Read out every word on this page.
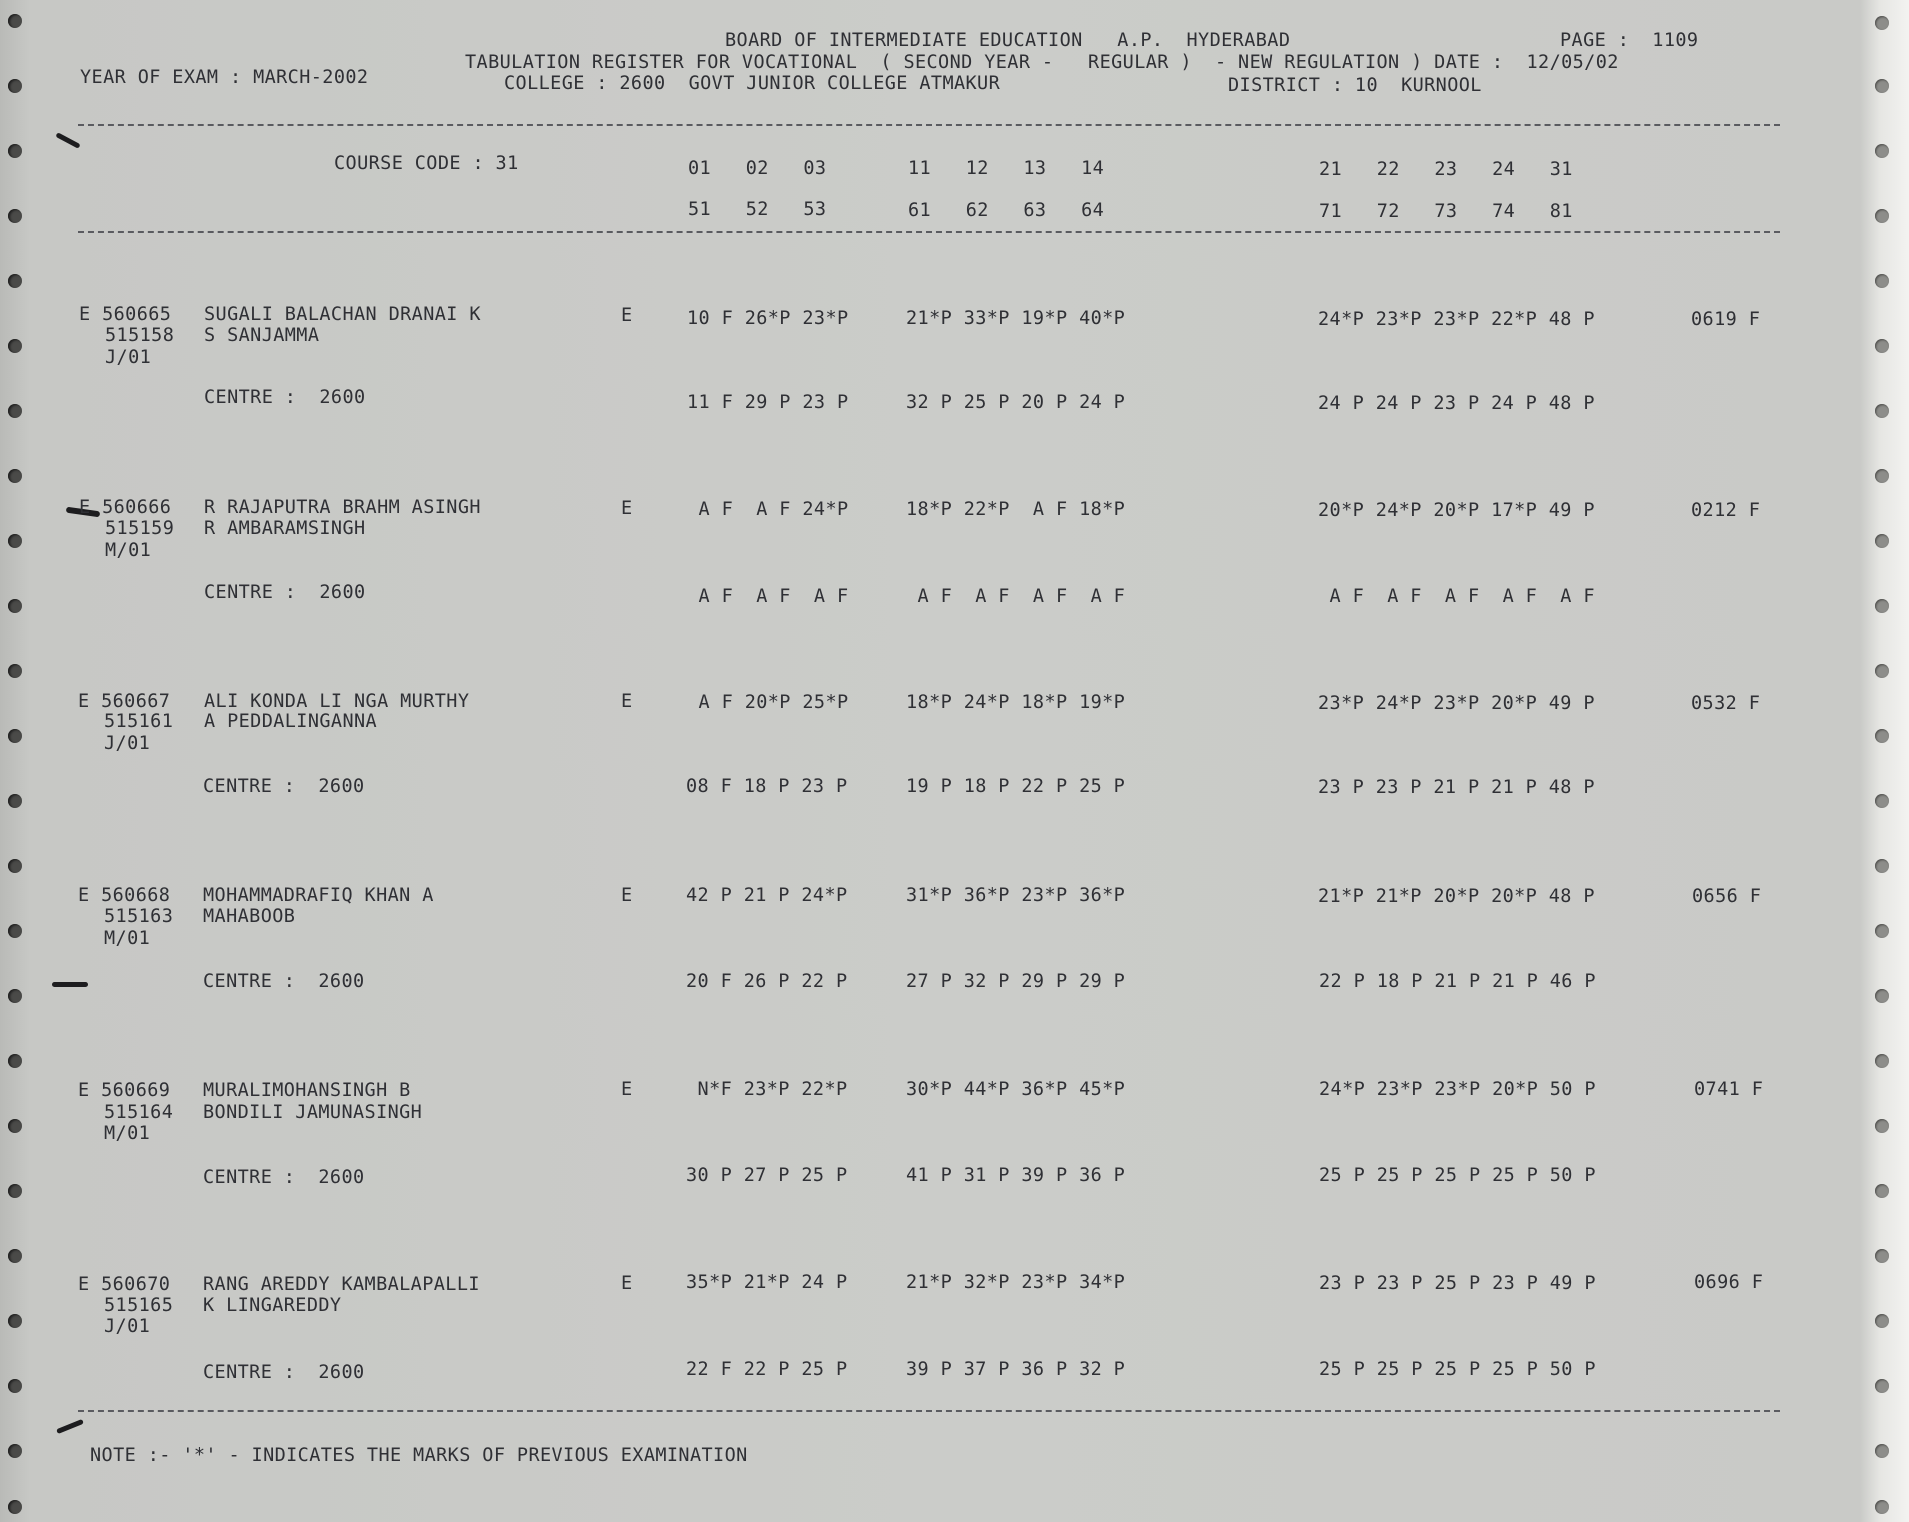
BOARD OF INTERMEDIATE EDUCATION   A.P.  HYDERABAD	PAGE :  1109
TABULATION REGISTER FOR VOCATIONAL  ( SECOND YEAR -   REGULAR )  - NEW REGULATION ) DATE :  12/05/02
YEAR OF EXAM : MARCH-2002	COLLEGE : 2600  GOVT JUNIOR COLLEGE ATMAKUR	DISTRICT : 10  KURNOOL
COURSE CODE : 31	01   02   03	11   12   13   14	21   22   23   24   31
51   52   53	61   62   63   64	71   72   73   74   81
E 560665 SUGALI BALACHAN DRANAI K	E	10 F 26*P 23*P	21*P 33*P 19*P 40*P	24*P 23*P 23*P 22*P 48 P	0619 F
515158 S SANJAMMA
J/01
CENTRE :  2600	11 F 29 P 23 P	32 P 25 P 20 P 24 P	24 P 24 P 23 P 24 P 48 P
E 560666 R RAJAPUTRA BRAHM ASINGH	E	A F  A F 24*P	18*P 22*P  A F 18*P	20*P 24*P 20*P 17*P 49 P	0212 F
515159 R AMBARAMSINGH
M/01
CENTRE :  2600	A F  A F  A F	A F  A F  A F  A F	A F  A F  A F  A F  A F
E 560667 ALI KONDA LI NGA MURTHY	E	A F 20*P 25*P	18*P 24*P 18*P 19*P	23*P 24*P 23*P 20*P 49 P	0532 F
515161 A PEDDALINGANNA
J/01
CENTRE :  2600	08 F 18 P 23 P	19 P 18 P 22 P 25 P	23 P 23 P 21 P 21 P 48 P
E 560668 MOHAMMADRAFIQ KHAN A	E	42 P 21 P 24*P	31*P 36*P 23*P 36*P	21*P 21*P 20*P 20*P 48 P	0656 F
515163 MAHABOOB
M/01
CENTRE :  2600	20 F 26 P 22 P	27 P 32 P 29 P 29 P	22 P 18 P 21 P 21 P 46 P
E 560669 MURALIMOHANSINGH B	E	N*F 23*P 22*P	30*P 44*P 36*P 45*P	24*P 23*P 23*P 20*P 50 P	0741 F
515164 BONDILI JAMUNASINGH
M/01
CENTRE :  2600	30 P 27 P 25 P	41 P 31 P 39 P 36 P	25 P 25 P 25 P 25 P 50 P
E 560670 RANG AREDDY KAMBALAPALLI	E	35*P 21*P 24 P	21*P 32*P 23*P 34*P	23 P 23 P 25 P 23 P 49 P	0696 F
515165 K LINGAREDDY
J/01
CENTRE :  2600	22 F 22 P 25 P	39 P 37 P 36 P 32 P	25 P 25 P 25 P 25 P 50 P
NOTE :- '*' - INDICATES THE MARKS OF PREVIOUS EXAMINATION
